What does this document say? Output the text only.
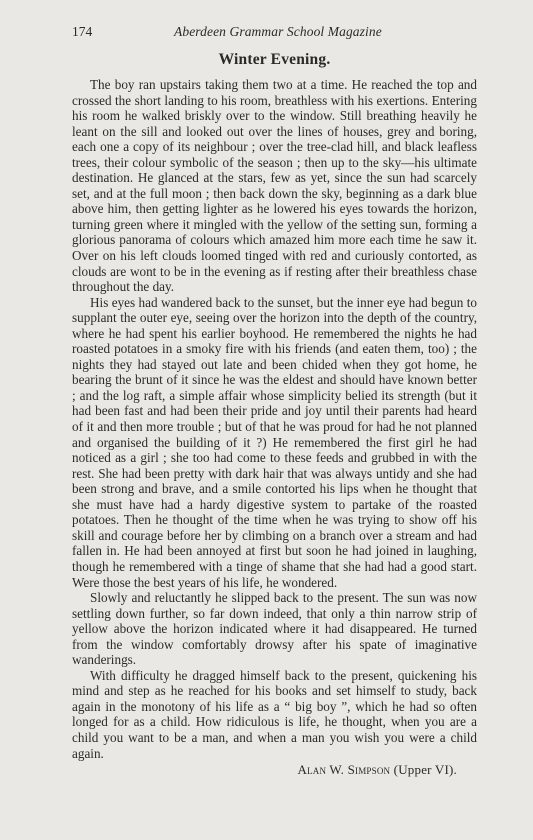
174	Aberdeen Grammar School Magazine
Winter Evening.

The boy ran upstairs taking them two at a time. He reached the top and crossed the short landing to his room, breathless with his exertions. Entering his room he walked briskly over to the window. Still breathing heavily he leant on the sill and looked out over the lines of houses, grey and boring, each one a copy of its neighbour ; over the tree-clad hill, and black leafless trees, their colour symbolic of the season ; then up to the sky—his ultimate destination. He glanced at the stars, few as yet, since the sun had scarcely set, and at the full moon ; then back down the sky, beginning as a dark blue above him, then getting lighter as he lowered his eyes towards the horizon, turning green where it mingled with the yellow of the setting sun, forming a glorious panorama of colours which amazed him more each time he saw it. Over on his left clouds loomed tinged with red and curiously contorted, as clouds are wont to be in the evening as if resting after their breathless chase throughout the day.

His eyes had wandered back to the sunset, but the inner eye had begun to supplant the outer eye, seeing over the horizon into the depth of the country, where he had spent his earlier boyhood. He remembered the nights he had roasted potatoes in a smoky fire with his friends (and eaten them, too) ; the nights they had stayed out late and been chided when they got home, he bearing the brunt of it since he was the eldest and should have known better ; and the log raft, a simple affair whose simplicity belied its strength (but it had been fast and had been their pride and joy until their parents had heard of it and then more trouble ; but of that he was proud for had he not planned and organised the building of it ?) He remembered the first girl he had noticed as a girl ; she too had come to these feeds and grubbed in with the rest. She had been pretty with dark hair that was always untidy and she had been strong and brave, and a smile contorted his lips when he thought that she must have had a hardy digestive system to partake of the roasted potatoes. Then he thought of the time when he was trying to show off his skill and courage before her by climbing on a branch over a stream and had fallen in. He had been annoyed at first but soon he had joined in laughing, though he remembered with a tinge of shame that she had had a good start. Were those the best years of his life, he wondered.

Slowly and reluctantly he slipped back to the present. The sun was now settling down further, so far down indeed, that only a thin narrow strip of yellow above the horizon indicated where it had disappeared. He turned from the window comfortably drowsy after his spate of imaginative wanderings.

With difficulty he dragged himself back to the present, quickening his mind and step as he reached for his books and set himself to study, back again in the monotony of his life as a “ big boy ”, which he had so often longed for as a child. How ridiculous is life, he thought, when you are a child you want to be a man, and when a man you wish you were a child again.

Alan W. Simpson (Upper VI).
